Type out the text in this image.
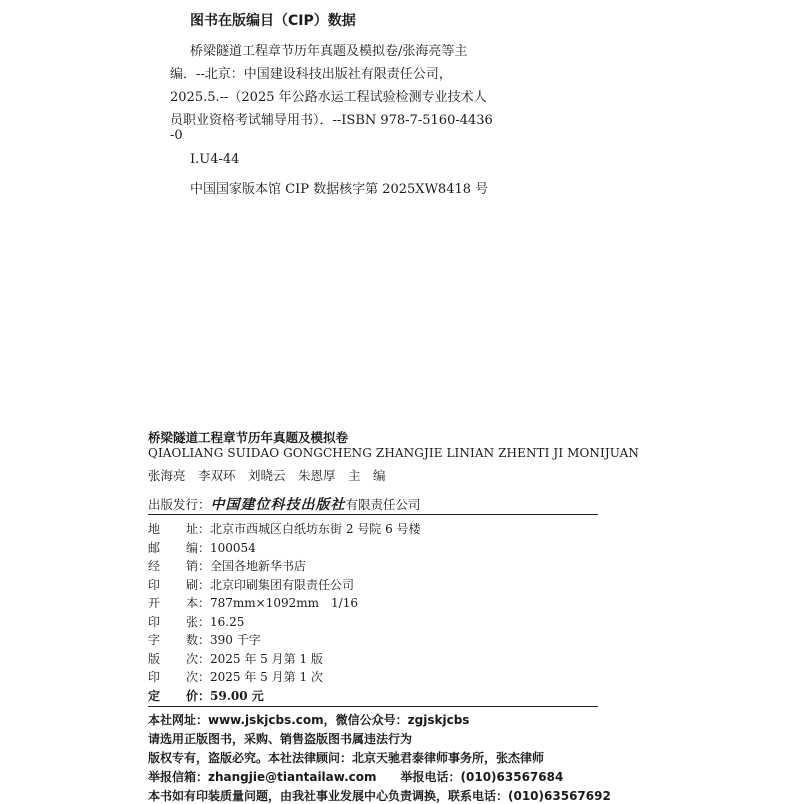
图书在版编目（CIP）数据
桥梁隧道工程章节历年真题及模拟卷/张海亮等主
编．--北京：中国建设科技出版社有限责任公司，
2025.5.--（2025 年公路水运工程试验检测专业技术人
员职业资格考试辅导用书）．--ISBN 978-7-5160-4436
-0
Ⅰ.U4-44
中国国家版本馆 CIP 数据核字第 2025XW8418 号
桥梁隧道工程章节历年真题及模拟卷
QIAOLIANG SUIDAO GONGCHENG ZHANGJIE LINIAN ZHENTI JI MONIJUAN
张海亮　李双环　刘晓云　朱恩厚　主　编
出版发行：中国建位科技出版社有限责任公司
地址：北京市西城区白纸坊东街 2 号院 6 号楼
邮编：100054
经销：全国各地新华书店
印刷：北京印刷集团有限责任公司
开本：787mm×1092mm　1/16
印张：16.25
字数：390 千字
版次：2025 年 5 月第 1 版
印次：2025 年 5 月第 1 次
定价：59.00 元
本社网址：www.jskjcbs.com，微信公众号：zgjskjcbs
请选用正版图书，采购、销售盗版图书属违法行为
版权专有，盗版必究。本社法律顾问：北京天驰君泰律师事务所，张杰律师
举报信箱：zhangjie@tiantailaw.com　　举报电话：(010)63567684
本书如有印装质量问题，由我社事业发展中心负责调换，联系电话：(010)63567692
